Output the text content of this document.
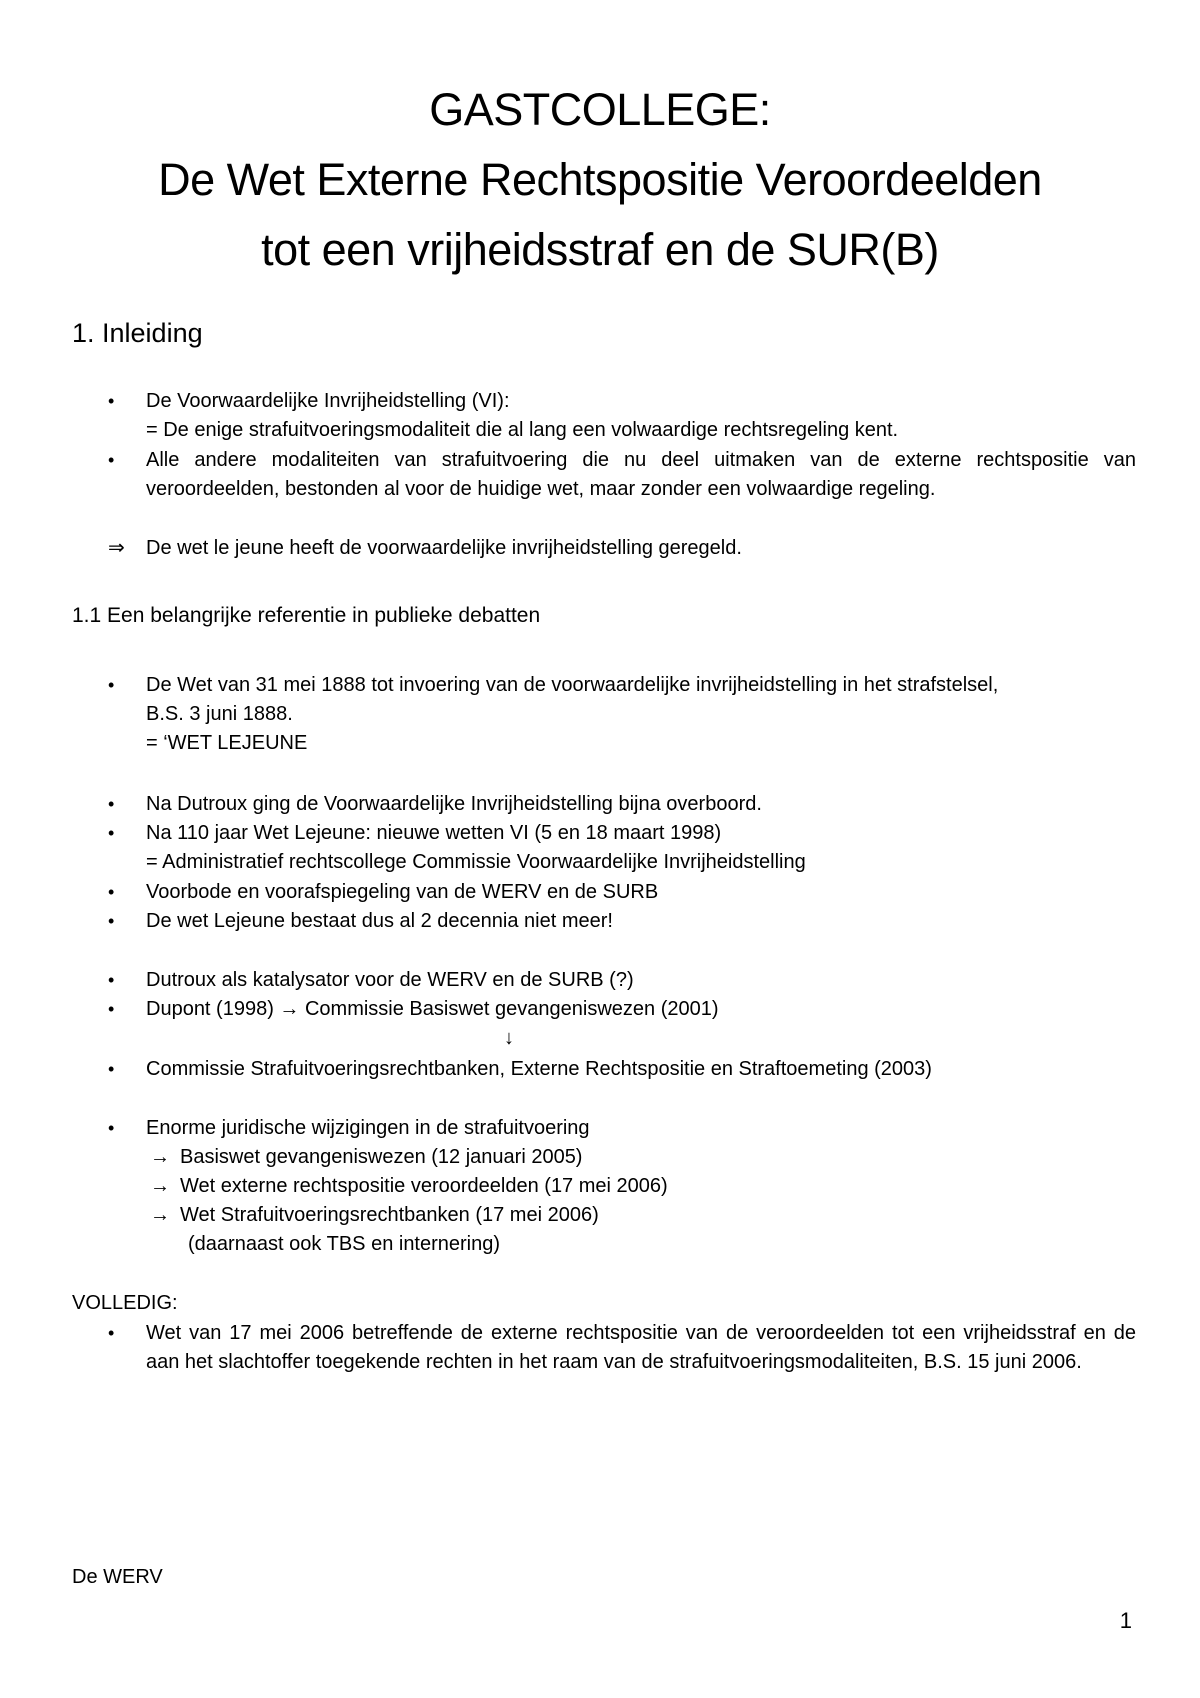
GASTCOLLEGE:
De Wet Externe Rechtspositie Veroordeelden
tot een vrijheidsstraf en de SUR(B)
1. Inleiding
• De Voorwaardelijke Invrijheidstelling (VI):
= De enige strafuitvoeringsmodaliteit die al lang een volwaardige rechtsregeling kent.
• Alle andere modaliteiten van strafuitvoering die nu deel uitmaken van de externe rechtspositie van veroordeelden, bestonden al voor de huidige wet, maar zonder een volwaardige regeling.
⇒ De wet le jeune heeft de voorwaardelijke invrijheidstelling geregeld.
1.1 Een belangrijke referentie in publieke debatten
• De Wet van 31 mei 1888 tot invoering van de voorwaardelijke invrijheidstelling in het strafstelsel,
B.S. 3 juni 1888.
= ‘WET LEJEUNE
• Na Dutroux ging de Voorwaardelijke Invrijheidstelling bijna overboord.
• Na 110 jaar Wet Lejeune: nieuwe wetten VI (5 en 18 maart 1998)
= Administratief rechtscollege Commissie Voorwaardelijke Invrijheidstelling
• Voorbode en voorafspiegeling van de WERV en de SURB
• De wet Lejeune bestaat dus al 2 decennia niet meer!
• Dutroux als katalysator voor de WERV en de SURB (?)
• Dupont (1998) → Commissie Basiswet gevangeniswezen (2001)
↓
• Commissie Strafuitvoeringsrechtbanken, Externe Rechtspositie en Straftoemeting (2003)
• Enorme juridische wijzigingen in de strafuitvoering
→ Basiswet gevangeniswezen (12 januari 2005)
→ Wet externe rechtspositie veroordeelden (17 mei 2006)
→ Wet Strafuitvoeringsrechtbanken (17 mei 2006)
(daarnaast ook TBS en internering)
VOLLEDIG:
• Wet van 17 mei 2006 betreffende de externe rechtspositie van de veroordeelden tot een vrijheidsstraf en de aan het slachtoffer toegekende rechten in het raam van de strafuitvoeringsmodaliteiten, B.S. 15 juni 2006.
De WERV
1
